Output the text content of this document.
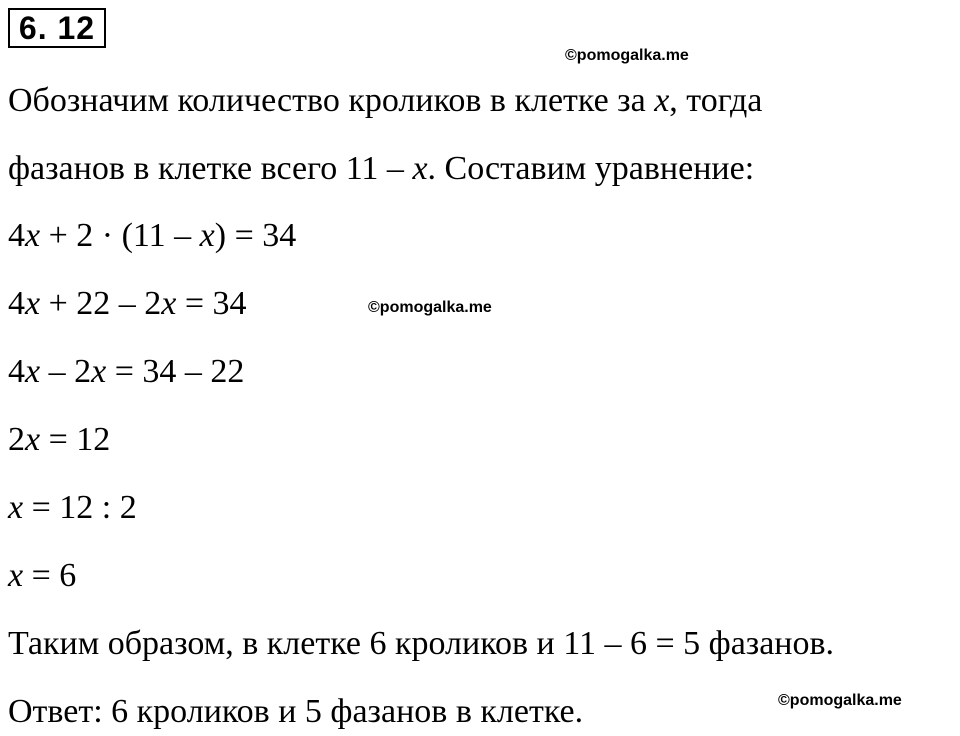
6. 12
©pomogalka.me
©pomogalka.me
©pomogalka.me
Обозначим количество кроликов в клетке за x, тогда
фазанов в клетке всего 11 – x. Составим уравнение:
4x + 2 · (11 – x) = 34
4x + 22 – 2x = 34
4x – 2x = 34 – 22
2x = 12
x = 12 : 2
x = 6
Таким образом, в клетке 6 кроликов и 11 – 6 = 5 фазанов.
Ответ: 6 кроликов и 5 фазанов в клетке.
